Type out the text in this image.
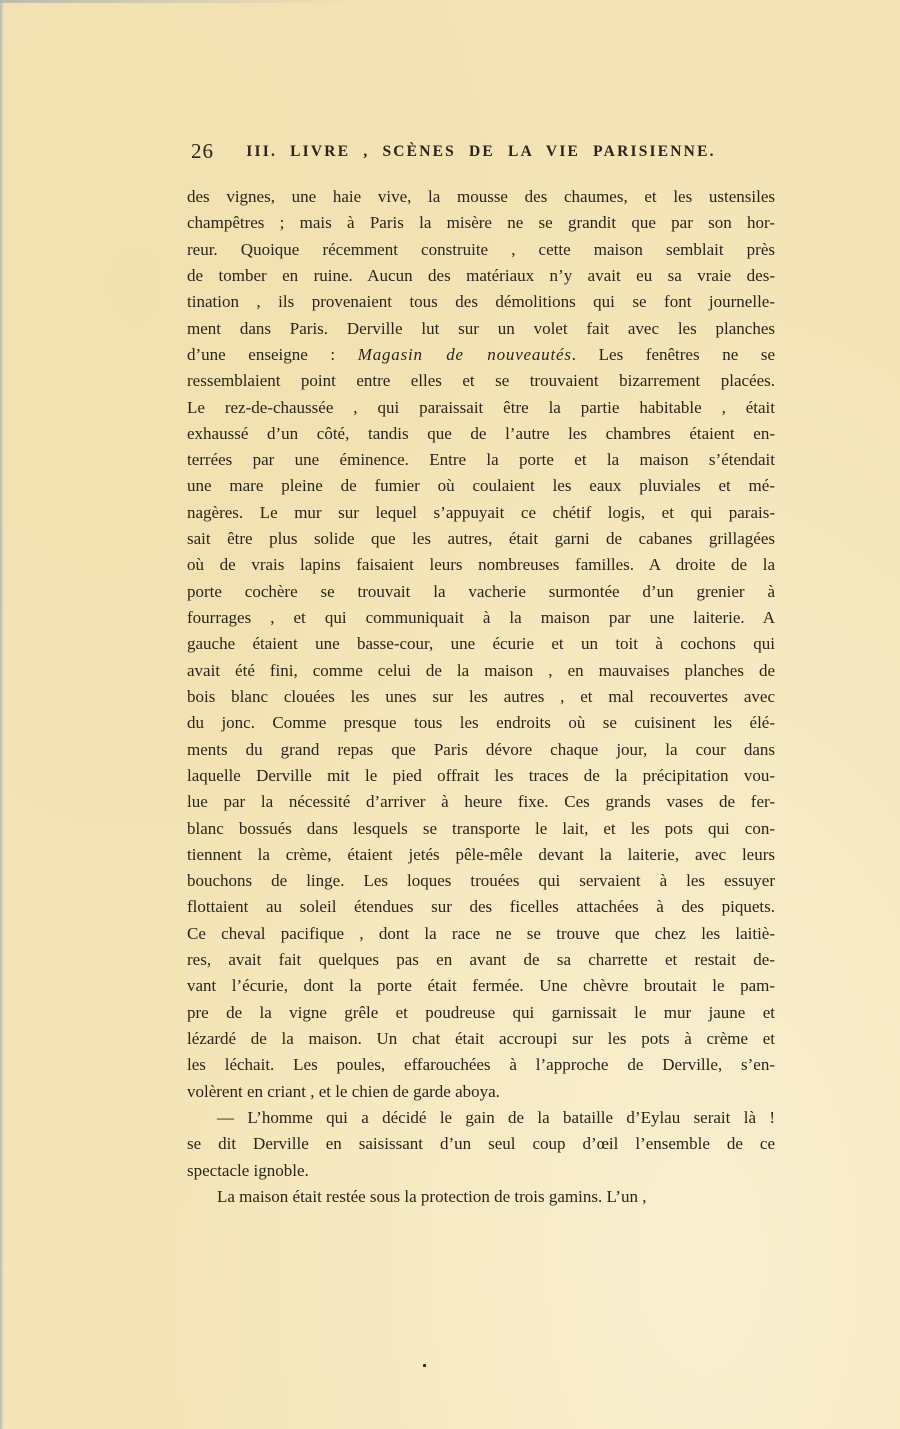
26	III. LIVRE , SCÈNES DE LA VIE PARISIENNE.
des vignes, une haie vive, la mousse des chaumes, et les ustensiles
champêtres ; mais à Paris la misère ne se grandit que par son hor-
reur. Quoique récemment construite , cette maison semblait près
de tomber en ruine. Aucun des matériaux n’y avait eu sa vraie des-
tination , ils provenaient tous des démolitions qui se font journelle-
ment dans Paris. Derville lut sur un volet fait avec les planches
d’une enseigne : Magasin de nouveautés. Les fenêtres ne se
ressemblaient point entre elles et se trouvaient bizarrement placées.
Le rez-de-chaussée , qui paraissait être la partie habitable , était
exhaussé d’un côté, tandis que de l’autre les chambres étaient en-
terrées par une éminence. Entre la porte et la maison s’étendait
une mare pleine de fumier où coulaient les eaux pluviales et mé-
nagères. Le mur sur lequel s’appuyait ce chétif logis, et qui parais-
sait être plus solide que les autres, était garni de cabanes grillagées
où de vrais lapins faisaient leurs nombreuses familles. A droite de la
porte cochère se trouvait la vacherie surmontée d’un grenier à
fourrages , et qui communiquait à la maison par une laiterie. A
gauche étaient une basse-cour, une écurie et un toit à cochons qui
avait été fini, comme celui de la maison , en mauvaises planches de
bois blanc clouées les unes sur les autres , et mal recouvertes avec
du jonc. Comme presque tous les endroits où se cuisinent les élé-
ments du grand repas que Paris dévore chaque jour, la cour dans
laquelle Derville mit le pied offrait les traces de la précipitation vou-
lue par la nécessité d’arriver à heure fixe. Ces grands vases de fer-
blanc bossués dans lesquels se transporte le lait, et les pots qui con-
tiennent la crème, étaient jetés pêle-mêle devant la laiterie, avec leurs
bouchons de linge. Les loques trouées qui servaient à les essuyer
flottaient au soleil étendues sur des ficelles attachées à des piquets.
Ce cheval pacifique , dont la race ne se trouve que chez les laitiè-
res, avait fait quelques pas en avant de sa charrette et restait de-
vant l’écurie, dont la porte était fermée. Une chèvre broutait le pam-
pre de la vigne grêle et poudreuse qui garnissait le mur jaune et
lézardé de la maison. Un chat était accroupi sur les pots à crème et
les léchait. Les poules, effarouchées à l’approche de Derville, s’en-
volèrent en criant , et le chien de garde aboya.
— L’homme qui a décidé le gain de la bataille d’Eylau serait là !
se dit Derville en saisissant d’un seul coup d’œil l’ensemble de ce
spectacle ignoble.
La maison était restée sous la protection de trois gamins. L’un ,
